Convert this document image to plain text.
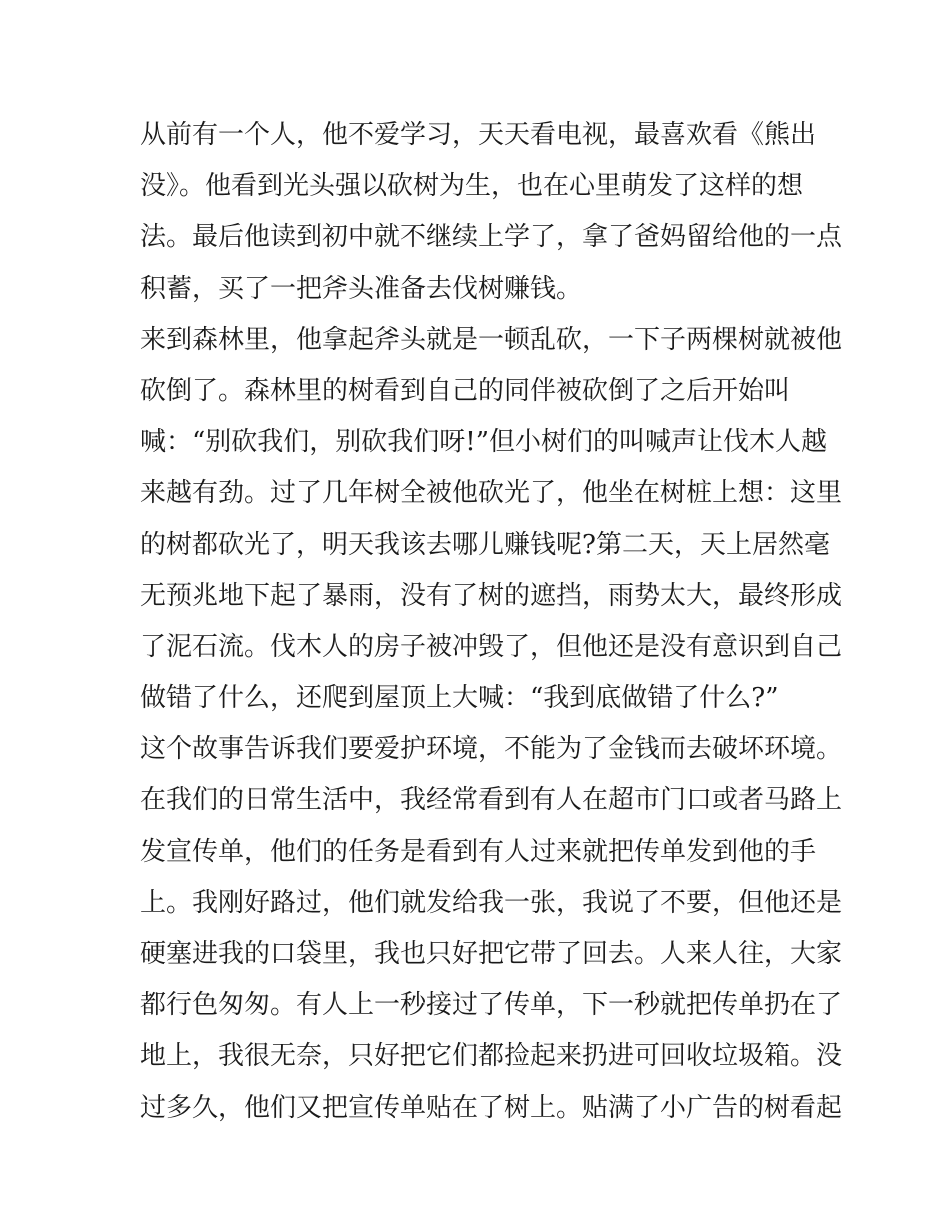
从前有一个人，他不爱学习，天天看电视，最喜欢看《熊出
没》。他看到光头强以砍树为生，也在心里萌发了这样的想
法。最后他读到初中就不继续上学了，拿了爸妈留给他的一点
积蓄，买了一把斧头准备去伐树赚钱。
来到森林里，他拿起斧头就是一顿乱砍，一下子两棵树就被他
砍倒了。森林里的树看到自己的同伴被砍倒了之后开始叫
喊：“别砍我们，别砍我们呀!”但小树们的叫喊声让伐木人越
来越有劲。过了几年树全被他砍光了，他坐在树桩上想：这里
的树都砍光了，明天我该去哪儿赚钱呢?第二天，天上居然毫
无预兆地下起了暴雨，没有了树的遮挡，雨势太大，最终形成
了泥石流。伐木人的房子被冲毁了，但他还是没有意识到自己
做错了什么，还爬到屋顶上大喊：“我到底做错了什么?”
这个故事告诉我们要爱护环境，不能为了金钱而去破坏环境。
在我们的日常生活中，我经常看到有人在超市门口或者马路上
发宣传单，他们的任务是看到有人过来就把传单发到他的手
上。我刚好路过，他们就发给我一张，我说了不要，但他还是
硬塞进我的口袋里，我也只好把它带了回去。人来人往，大家
都行色匆匆。有人上一秒接过了传单，下一秒就把传单扔在了
地上，我很无奈，只好把它们都捡起来扔进可回收垃圾箱。没
过多久，他们又把宣传单贴在了树上。贴满了小广告的树看起
